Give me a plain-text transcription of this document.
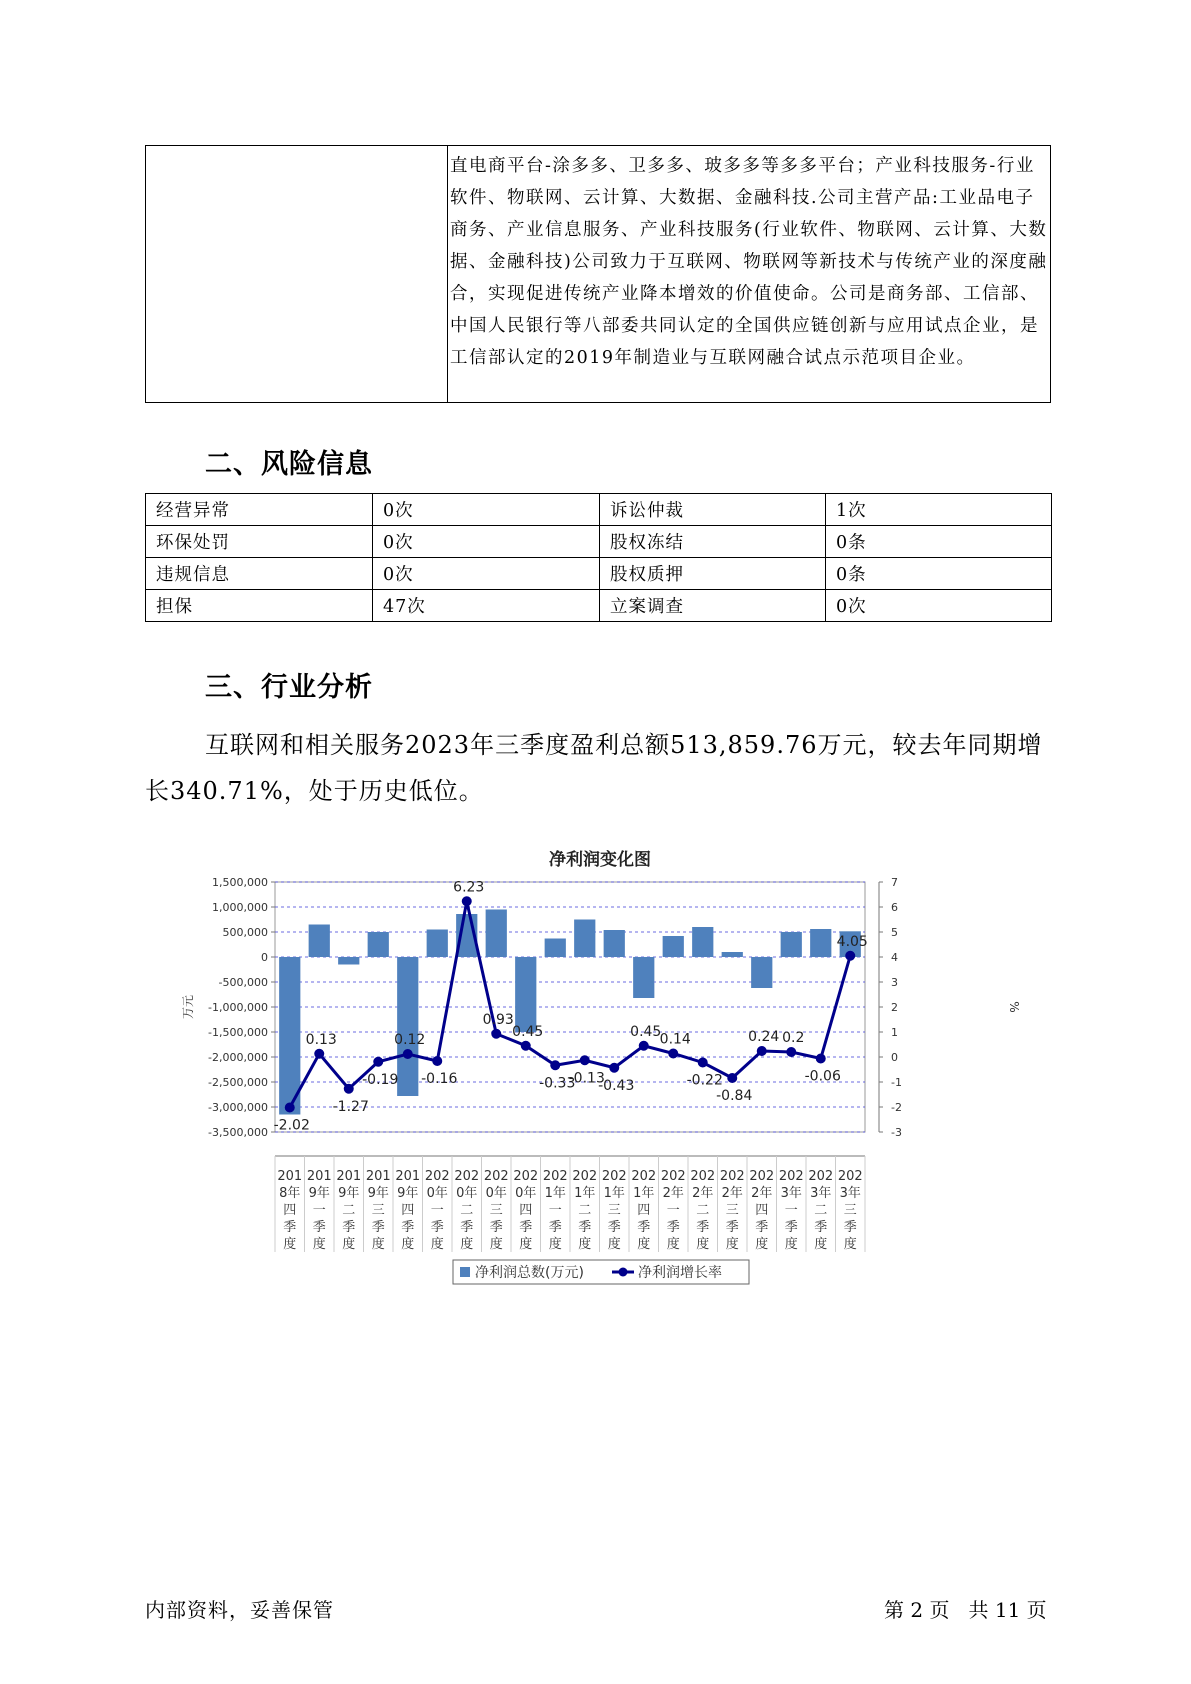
直电商平台-涂多多、卫多多、玻多多等多多平台；产业科技服务-行业软件、物联网、云计算、大数据、金融科技.公司主营产品:工业品电子商务、产业信息服务、产业科技服务(行业软件、物联网、云计算、大数据、金融科技)公司致力于互联网、物联网等新技术与传统产业的深度融合，实现促进传统产业降本增效的价值使命。公司是商务部、工信部、中国人民银行等八部委共同认定的全国供应链创新与应用试点企业，是工信部认定的2019年制造业与互联网融合试点示范项目企业。
二、风险信息
经营异常	0次	诉讼仲裁	1次
环保处罚	0次	股权冻结	0条
违规信息	0次	股权质押	0条
担保	47次	立案调查	0次
三、行业分析
互联网和相关服务2023年三季度盈利总额513,859.76万元，较去年同期增长340.71%，处于历史低位。
净利润变化图
-2.02
0.13
-1.27
-0.19
0.12
-0.16
6.23
0.93
0.45
-0.33
-0.13
-0.43
0.45
0.14
-0.22
-0.84
0.24 0.2
-0.06
4.05
1,500,000
1,000,000
500,000
0
-500,000
-1,000,000
-1,500,000
-2,000,000
-2,500,000
-3,000,000
-3,500,000
7
6
5
4
3
2
1
0
-1
-2
-3
201 8年四季度
201 9年一季度
201 9年二季度
201 9年三季度
201 9年四季度
202 0年一季度
202 0年二季度
202 0年三季度
202 0年四季度
202 1年一季度
202 1年二季度
202 1年三季度
202 1年四季度
202 2年一季度
202 2年二季度
202 2年三季度
202 2年四季度
202 3年一季度
202 3年二季度
202 3年三季度
万元	%
净利润总数(万元)	净利润增长率
内部资料，妥善保管	第 2 页   共 11 页
